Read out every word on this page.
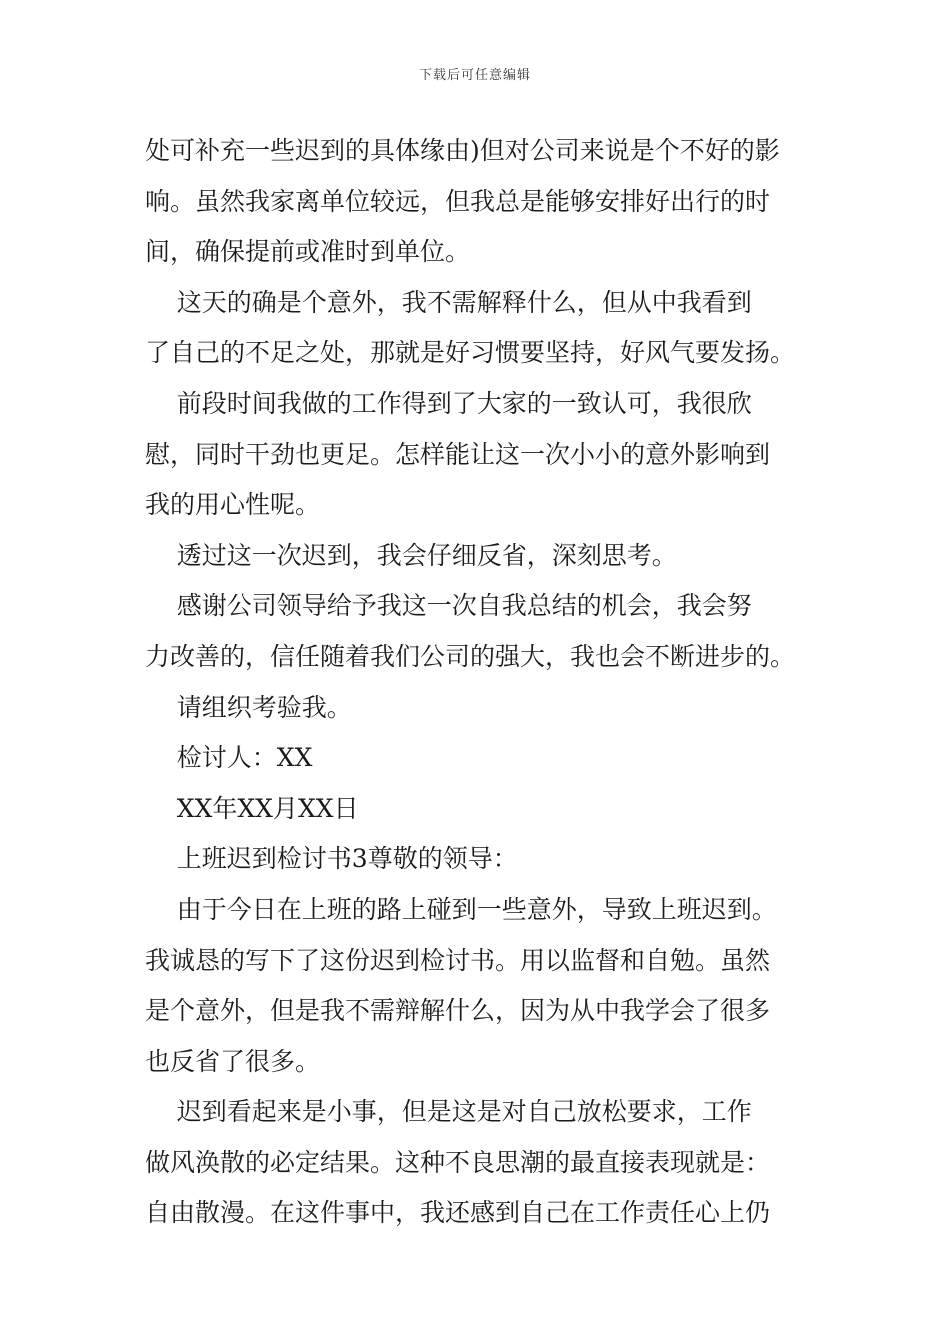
下载后可任意编辑

处可补充一些迟到的具体缘由)但对公司来说是个不好的影

响。虽然我家离单位较远，但我总是能够安排好出行的时

间，确保提前或准时到单位。

这天的确是个意外，我不需解释什么，但从中我看到

了自己的不足之处，那就是好习惯要坚持，好风气要发扬。

前段时间我做的工作得到了大家的一致认可，我很欣

慰，同时干劲也更足。怎样能让这一次小小的意外影响到

我的用心性呢。

透过这一次迟到，我会仔细反省，深刻思考。

感谢公司领导给予我这一次自我总结的机会，我会努

力改善的，信任随着我们公司的强大，我也会不断进步的。

请组织考验我。

检讨人：XX

XX年XX月XX日

上班迟到检讨书3尊敬的领导：

由于今日在上班的路上碰到一些意外，导致上班迟到。

我诚恳的写下了这份迟到检讨书。用以监督和自勉。虽然

是个意外，但是我不需辩解什么，因为从中我学会了很多

也反省了很多。

迟到看起来是小事，但是这是对自己放松要求，工作

做风涣散的必定结果。这种不良思潮的最直接表现就是：

自由散漫。在这件事中，我还感到自己在工作责任心上仍
